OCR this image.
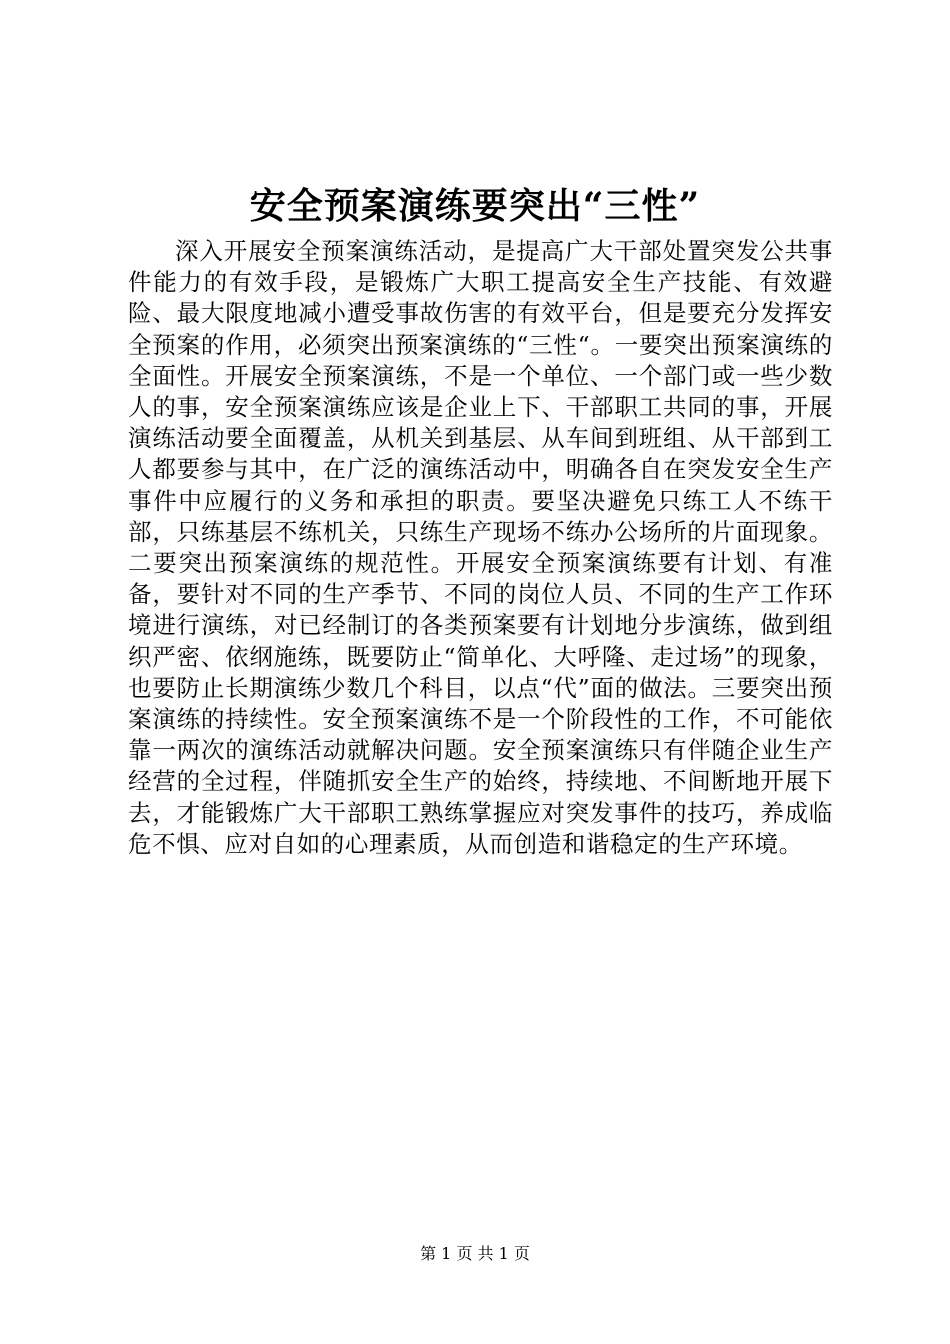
安全预案演练要突出“三性”

深入开展安全预案演练活动，是提高广大干部处置突发公共事件能力的有效手段，是锻炼广大职工提高安全生产技能、有效避险、最大限度地减小遭受事故伤害的有效平台，但是要充分发挥安全预案的作用，必须突出预案演练的“三性“。一要突出预案演练的全面性。开展安全预案演练，不是一个单位、一个部门或一些少数人的事，安全预案演练应该是企业上下、干部职工共同的事，开展演练活动要全面覆盖，从机关到基层、从车间到班组、从干部到工人都要参与其中，在广泛的演练活动中，明确各自在突发安全生产事件中应履行的义务和承担的职责。要坚决避免只练工人不练干部，只练基层不练机关，只练生产现场不练办公场所的片面现象。二要突出预案演练的规范性。开展安全预案演练要有计划、有准备，要针对不同的生产季节、不同的岗位人员、不同的生产工作环境进行演练，对已经制订的各类预案要有计划地分步演练，做到组织严密、依纲施练，既要防止“简单化、大呼隆、走过场”的现象，也要防止长期演练少数几个科目，以点“代”面的做法。三要突出预案演练的持续性。安全预案演练不是一个阶段性的工作，不可能依靠一两次的演练活动就解决问题。安全预案演练只有伴随企业生产经营的全过程，伴随抓安全生产的始终，持续地、不间断地开展下去，才能锻炼广大干部职工熟练掌握应对突发事件的技巧，养成临危不惧、应对自如的心理素质，从而创造和谐稳定的生产环境。

第 1 页 共 1 页
